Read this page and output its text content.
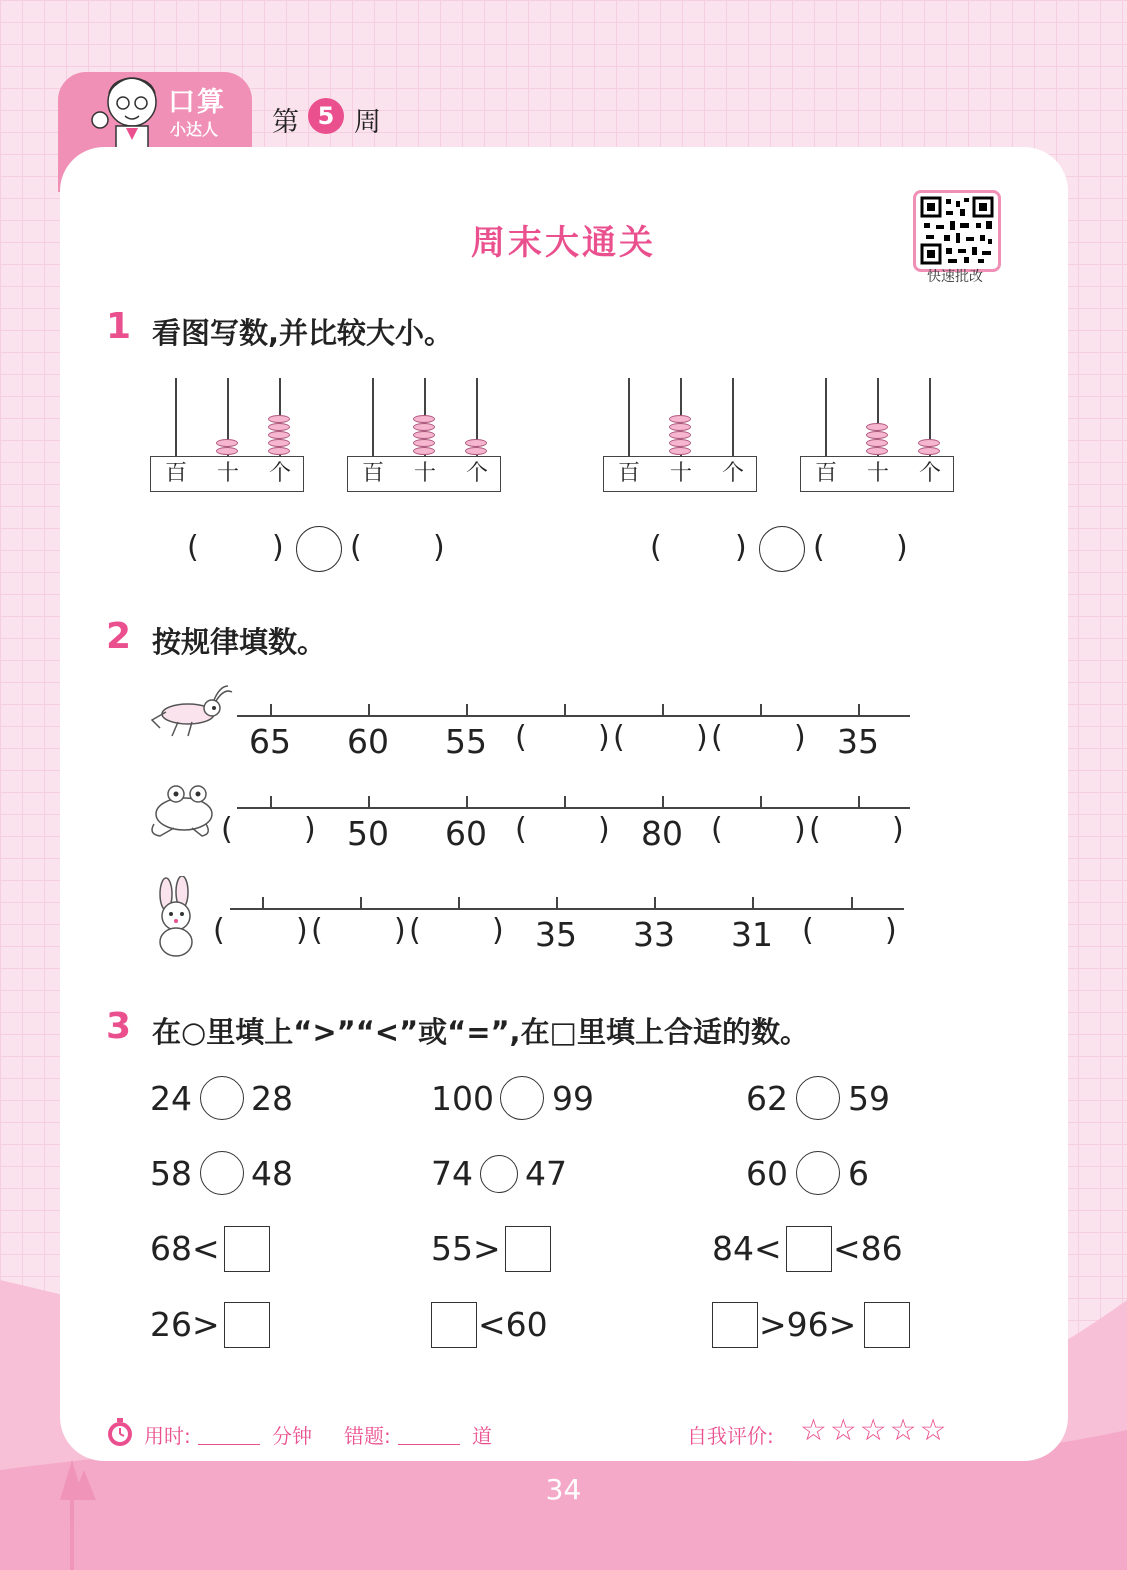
口算
小达人 第 5 周
周末大通关
快速批改
1 看图写数,并比较大小。
百	十	个	百	十	个	百	十	个	百	十	个
( ) ( )	( ) ( )
2 按规律填数。
65	60	55 ( ) ( ) ( ) 35
( ) 50	60 ( ) 80 ( ) ( )
( ) ( ) ( ) 35	33	31 ( )
3 在○里填上“>”“<”或“=”,在□里填上合适的数。
24 28	100 99	62 59
58 48	74 47	60 6
68<	55>	84< <86
26>	<60	>96>
用时:	分钟 错题:	道	自我评价: ☆☆☆☆☆
34
